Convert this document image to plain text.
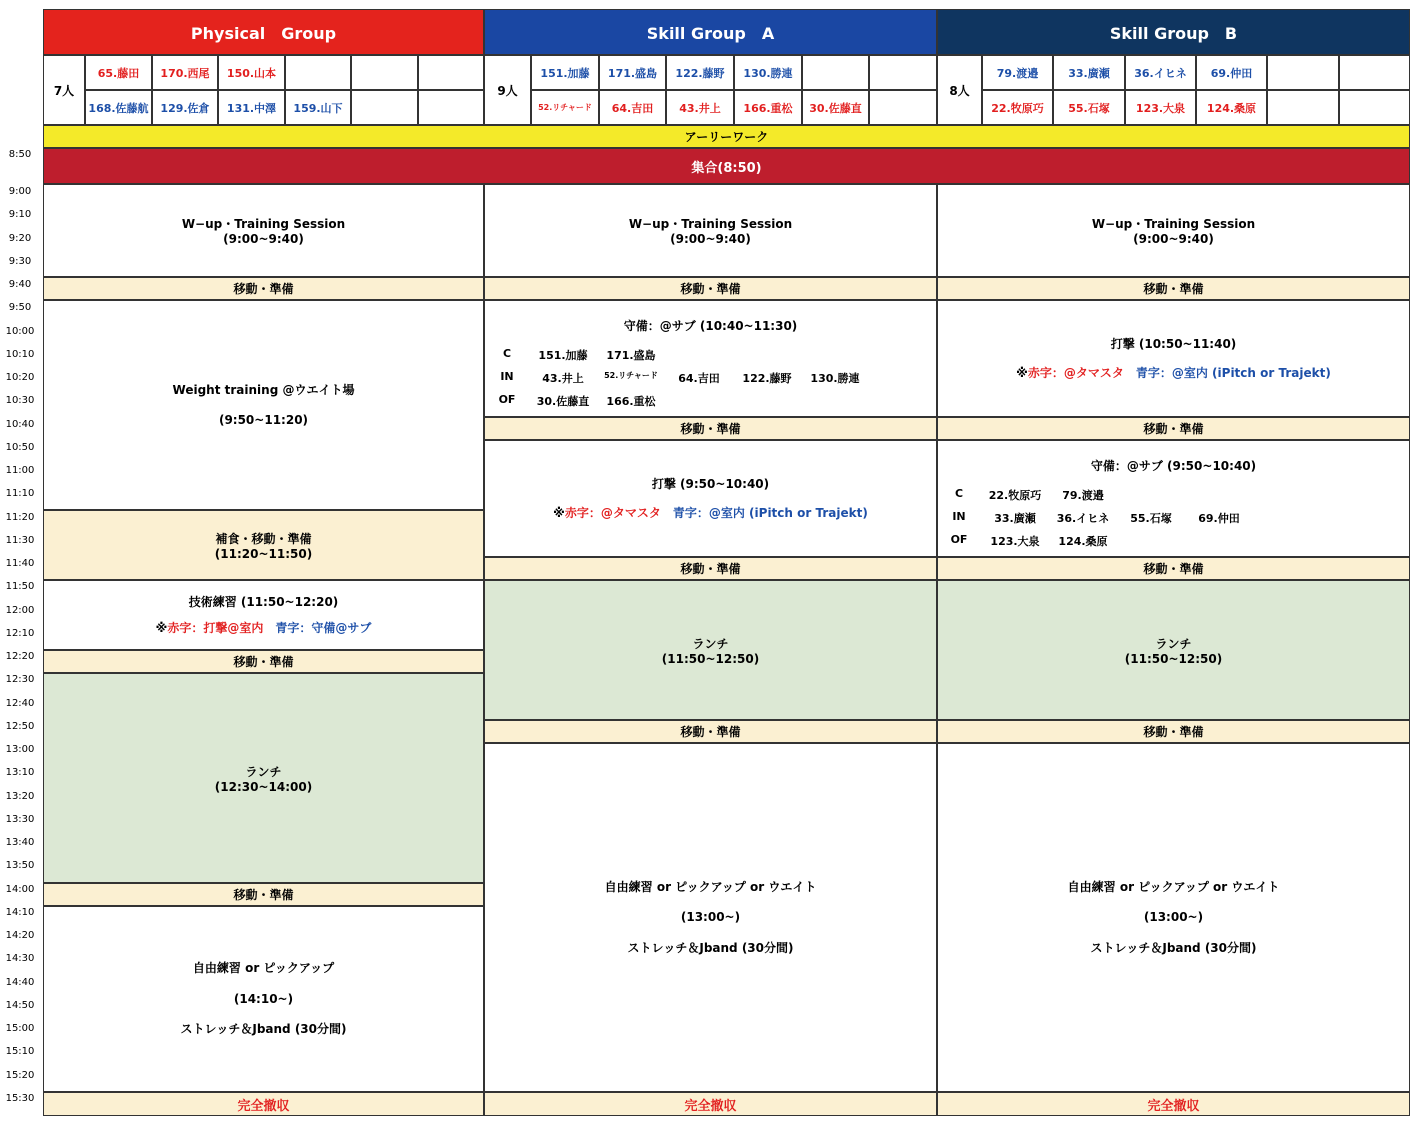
Physical　Group
7人
65.藤田	170.西尾	150.山本
168.佐藤航	129.佐倉	131.中澤	159.山下
Skill Group　A
9人
151.加藤	171.盛島	122.藤野	130.勝連
52.リチャード	64.吉田	43.井上	166.重松	30.佐藤直
Skill Group　B
8人
79.渡邉	33.廣瀬	36.イヒネ	69.仲田
22.牧原巧	55.石塚	123.大泉	124.桑原
アーリーワーク
集合(8:50)
8:50
9:00
9:10
9:20
9:30
9:40
9:50
10:00
10:10
10:20
10:30
10:40
10:50
11:00
11:10
11:20
11:30
11:40
11:50
12:00
12:10
12:20
12:30
12:40
12:50
13:00
13:10
13:20
13:30
13:40
13:50
14:00
14:10
14:20
14:30
14:40
14:50
15:00
15:10
15:20
15:30
W−up・Training Session
(9:00~9:40)
移動・準備
Weight training @ウエイト場
(9:50~11:20)
補食・移動・準備
(11:20~11:50)
技術練習 (11:50~12:20)
※赤字：打撃@室内　 青字：守備@サブ
移動・準備
ランチ
(12:30~14:00)
移動・準備
自由練習 or ピックアップ
(14:10~)
ストレッチ＆Jband (30分間)
完全撤収
W−up・Training Session
(9:00~9:40)
移動・準備
守備：@サブ (10:40~11:30)
C	151.加藤	171.盛島
IN	43.井上	52.リチャード	64.吉田	122.藤野	130.勝連
OF	30.佐藤直	166.重松
移動・準備
打撃 (9:50~10:40)
※赤字：@タマスタ　 青字：@室内 (iPitch or Trajekt)
移動・準備
ランチ
(11:50~12:50)
移動・準備
自由練習 or ピックアップ or ウエイト
(13:00~)
ストレッチ＆Jband (30分間)
完全撤収
W−up・Training Session
(9:00~9:40)
移動・準備
打撃 (10:50~11:40)
※赤字：@タマスタ　 青字：@室内 (iPitch or Trajekt)
移動・準備
守備：@サブ (9:50~10:40)
C	22.牧原巧	79.渡邉
IN	33.廣瀬	36.イヒネ	55.石塚	69.仲田
OF	123.大泉	124.桑原
移動・準備
ランチ
(11:50~12:50)
移動・準備
自由練習 or ピックアップ or ウエイト
(13:00~)
ストレッチ＆Jband (30分間)
完全撤収
